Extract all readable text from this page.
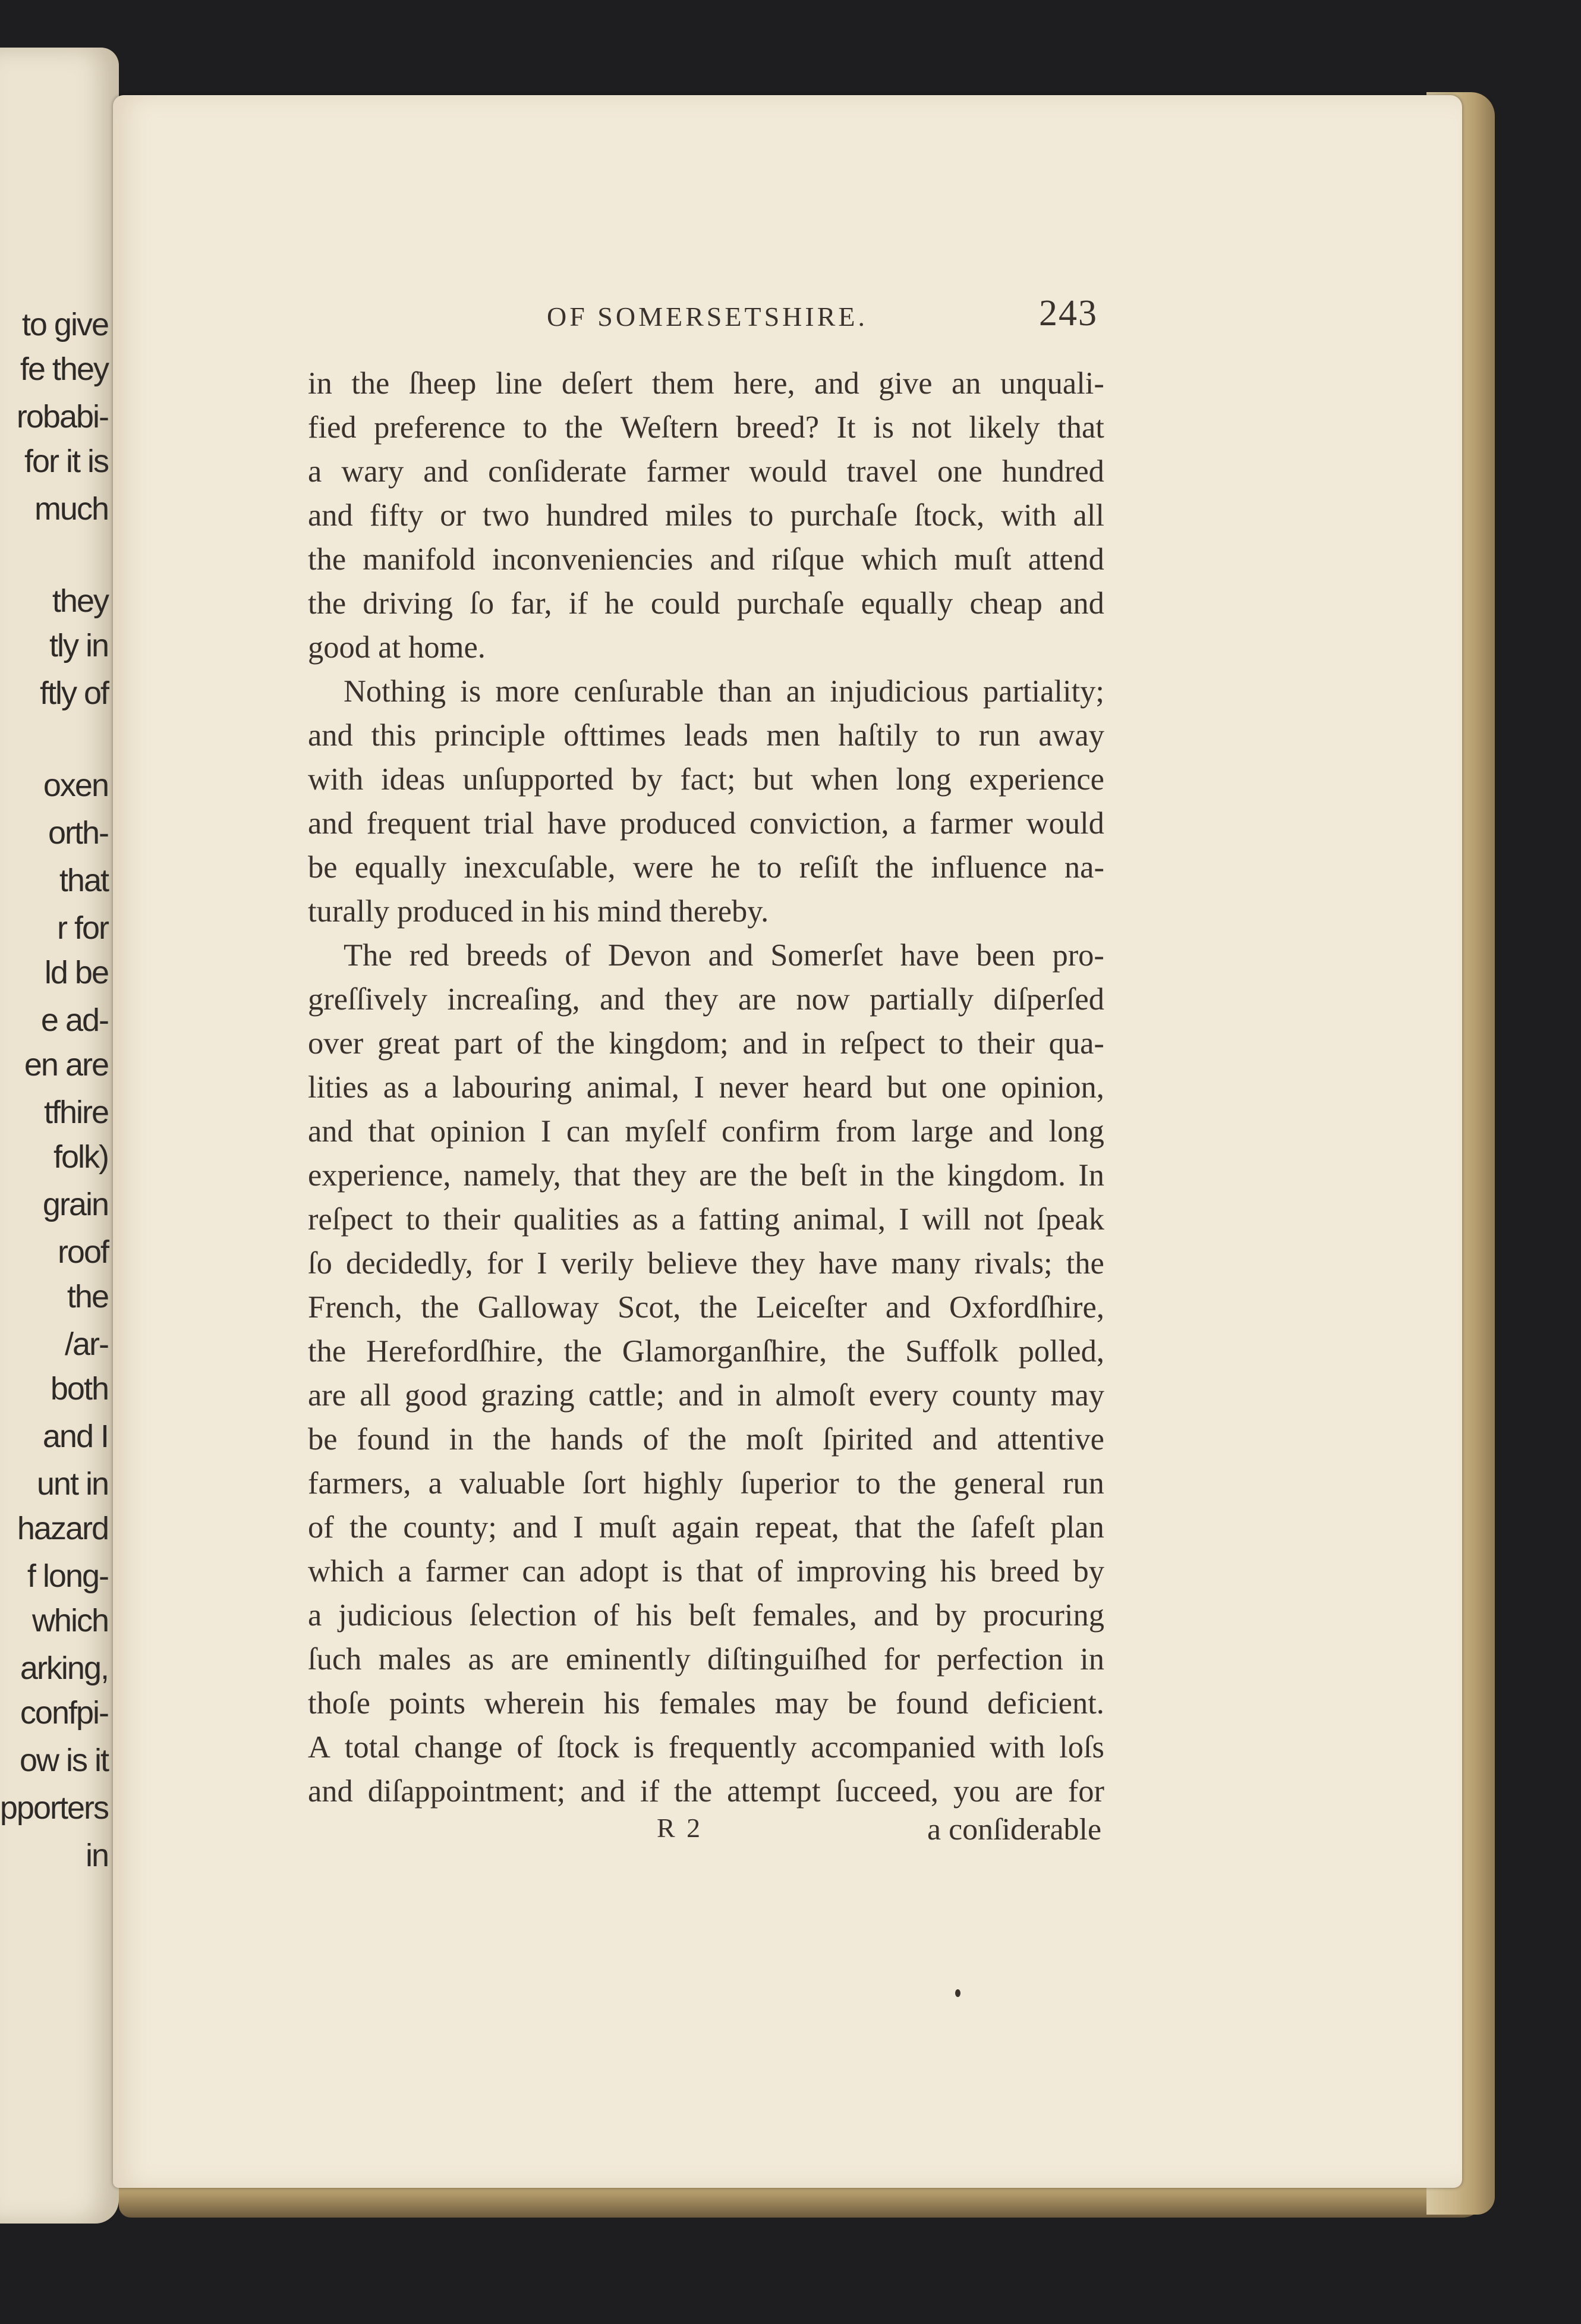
to give
fe they
robabi-
for it is
much
they
tly in
ftly of
oxen
orth-
that
r for
ld be
e ad-
en are
tfhire
folk)
grain
roof
the
/ar-
both
and I
unt in
hazard
f long-
which
arking,
confpi-
ow is it
pporters
in
OF SOMERSETSHIRE.	243
in the ſheep line deſert them here, and give an unquali-
fied preference to the Weſtern breed? It is not likely that
a wary and conſiderate farmer would travel one hundred
and fifty or two hundred miles to purchaſe ſtock, with all
the manifold inconveniencies and riſque which muſt attend
the driving ſo far, if he could purchaſe equally cheap and
good at home.
Nothing is more cenſurable than an injudicious partiality;
and this principle ofttimes leads men haſtily to run away
with ideas unſupported by fact; but when long experience
and frequent trial have produced conviction, a farmer would
be equally inexcuſable, were he to reſiſt the influence na-
turally produced in his mind thereby.
The red breeds of Devon and Somerſet have been pro-
greſſively increaſing, and they are now partially diſperſed
over great part of the kingdom; and in reſpect to their qua-
lities as a labouring animal, I never heard but one opinion,
and that opinion I can myſelf confirm from large and long
experience, namely, that they are the beſt in the kingdom. In
reſpect to their qualities as a fatting animal, I will not ſpeak
ſo decidedly, for I verily believe they have many rivals; the
French, the Galloway Scot, the Leiceſter and Oxfordſhire,
the Herefordſhire, the Glamorganſhire, the Suffolk polled,
are all good grazing cattle; and in almoſt every county may
be found in the hands of the moſt ſpirited and attentive
farmers, a valuable ſort highly ſuperior to the general run
of the county; and I muſt again repeat, that the ſafeſt plan
which a farmer can adopt is that of improving his breed by
a judicious ſelection of his beſt females, and by procuring
ſuch males as are eminently diſtinguiſhed for perfection in
thoſe points wherein his females may be found deficient.
A total change of ſtock is frequently accompanied with loſs
and diſappointment; and if the attempt ſucceed, you are for
R 2	a conſiderable
